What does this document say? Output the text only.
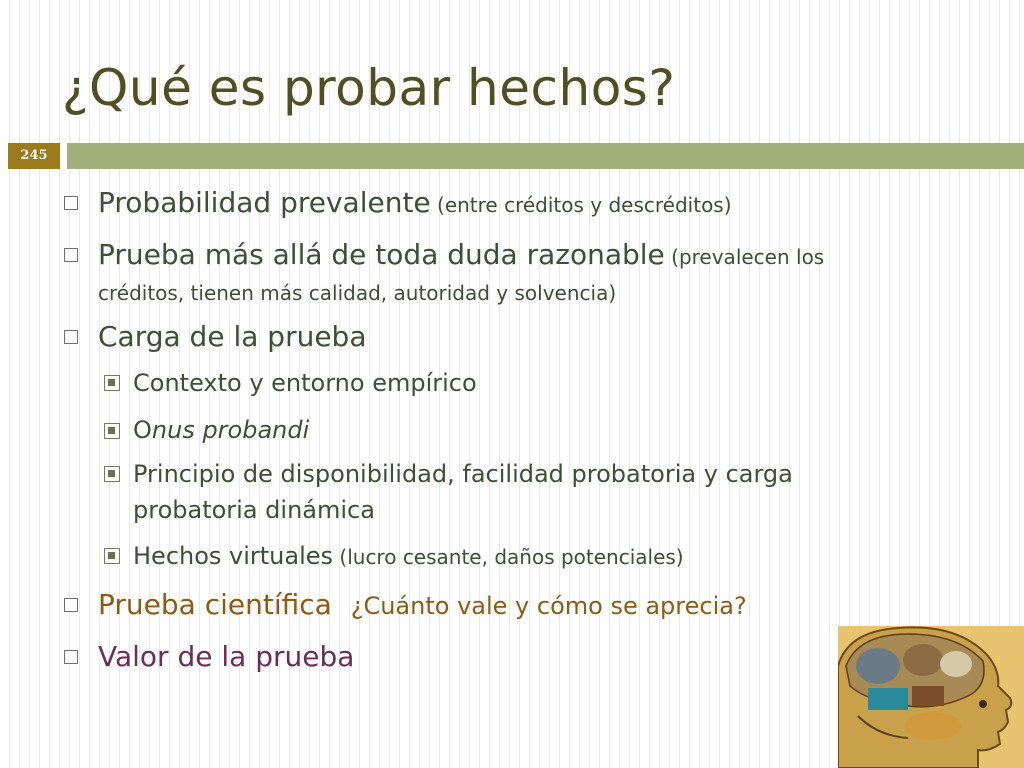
¿Qué es probar hechos?
245
Probabilidad prevalente (entre créditos y descréditos)
Prueba más allá de toda duda razonable (prevalecen los
créditos, tienen más calidad, autoridad y solvencia)
Carga de la prueba
Contexto y entorno empírico
Onus probandi
Principio de disponibilidad, facilidad probatoria y carga
probatoria dinámica
Hechos virtuales (lucro cesante, daños potenciales)
Prueba científica ¿Cuánto vale y cómo se aprecia?
Valor de la prueba
